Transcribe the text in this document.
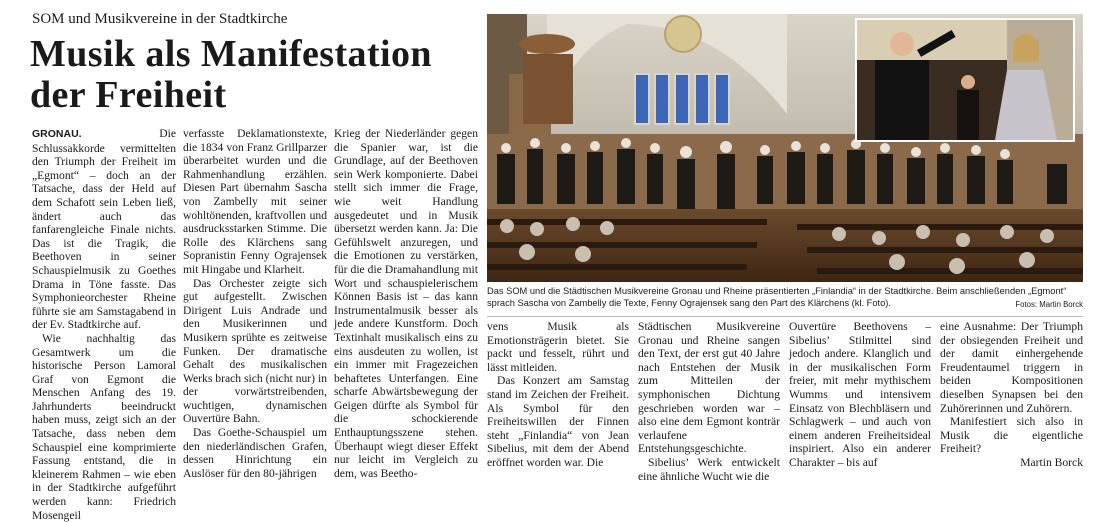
SOM und Musikvereine in der Stadtkirche
Musik als Manifestation der Freiheit

GRONAU. Die Schlussakkorde vermittelten den Triumph der Freiheit im „Egmont“ – doch an der Tatsache, dass der Held auf dem Schafott sein Leben ließ, ändert auch das fanfarengleiche Finale nichts. Das ist die Tragik, die Beethoven in seiner Schauspielmusik zu Goethes Drama in Töne fasste. Das Symphonieorchester Rheine führte sie am Samstagabend in der Ev. Stadtkirche auf.

Wie nachhaltig das Gesamtwerk um die historische Person Lamoral Graf von Egmont die Menschen Anfang des 19. Jahrhunderts beeindruckt haben muss, zeigt sich an der Tatsache, dass neben dem Schauspiel eine komprimierte Fassung entstand, die in kleinerem Rahmen – wie eben in der Stadtkirche aufgeführt werden kann: Friedrich Mosengeil

verfasste Deklamationstexte, die 1834 von Franz Grillparzer überarbeitet wurden und die Rahmenhandlung erzählen. Diesen Part übernahm Sascha von Zambelly mit seiner wohltönenden, kraftvollen und ausdrucksstarken Stimme. Die Rolle des Klärchens sang Sopranistin Fenny Ograjensek mit Hingabe und Klarheit.

Das Orchester zeigte sich gut aufgestellt. Zwischen Dirigent Luis Andrade und den Musikerinnen und Musikern sprühte es zeitweise Funken. Der dramatische Gehalt des musikalischen Werks brach sich (nicht nur) in der vorwärtstreibenden, wuchtigen, dynamischen Ouvertüre Bahn.

Das Goethe-Schauspiel um den niederländischen Grafen, dessen Hinrichtung ein Auslöser für den 80-jährigen

Krieg der Niederländer gegen die Spanier war, ist die Grundlage, auf der Beethoven sein Werk komponierte. Dabei stellt sich immer die Frage, wie weit Handlung ausgedeutet und in Musik übersetzt werden kann. Ja: Die Gefühlswelt anzuregen, und die Emotionen zu verstärken, für die die Dramahandlung mit Wort und schauspielerischem Können Basis ist – das kann Instrumentalmusik besser als jede andere Kunstform. Doch Textinhalt musikalisch eins zu eins ausdeuten zu wollen, ist ein immer mit Fragezeichen behaftetes Unterfangen. Eine scharfe Abwärtsbewegung der Geigen dürfte als Symbol für die schockierende Enthauptungsszene stehen. Überhaupt wiegt dieser Effekt nur leicht im Vergleich zu dem, was Beetho-

Das SOM und die Städtischen Musikvereine Gronau und Rheine präsentierten „Finlandia“ in der Stadtkirche. Beim anschließenden „Egmont“ sprach Sascha von Zambelly die Texte, Fenny Ograjensek sang den Part des Klärchens (kl. Foto).	Fotos: Martin Borck

vens Musik als Emotionsträgerin bietet. Sie packt und fesselt, rührt und lässt mitleiden.

Das Konzert am Samstag stand im Zeichen der Freiheit. Als Symbol für den Freiheitswillen der Finnen steht „Finlandia“ von Jean Sibelius, mit dem der Abend eröffnet worden war. Die

Städtischen Musikvereine Gronau und Rheine sangen den Text, der erst gut 40 Jahre nach Entstehen der Musik zum Mitteilen der symphonischen Dichtung geschrieben worden war – also eine dem Egmont konträr verlaufene Entstehungsgeschichte.

Sibelius’ Werk entwickelt eine ähnliche Wucht wie die

Ouvertüre Beethovens – Sibelius’ Stilmittel sind jedoch andere. Klanglich und in der musikalischen Form freier, mit mehr mythischem Wumms und intensivem Einsatz von Blechbläsern und Schlagwerk – und auch von einem anderen Freiheitsideal inspiriert. Also ein anderer Charakter – bis auf

eine Ausnahme: Der Triumph der obsiegenden Freiheit und der damit einhergehende Freudentaumel triggern in beiden Kompositionen dieselben Synapsen bei den Zuhörerinnen und Zuhörern.

Manifestiert sich also in Musik die eigentliche Freiheit?
Martin Borck
